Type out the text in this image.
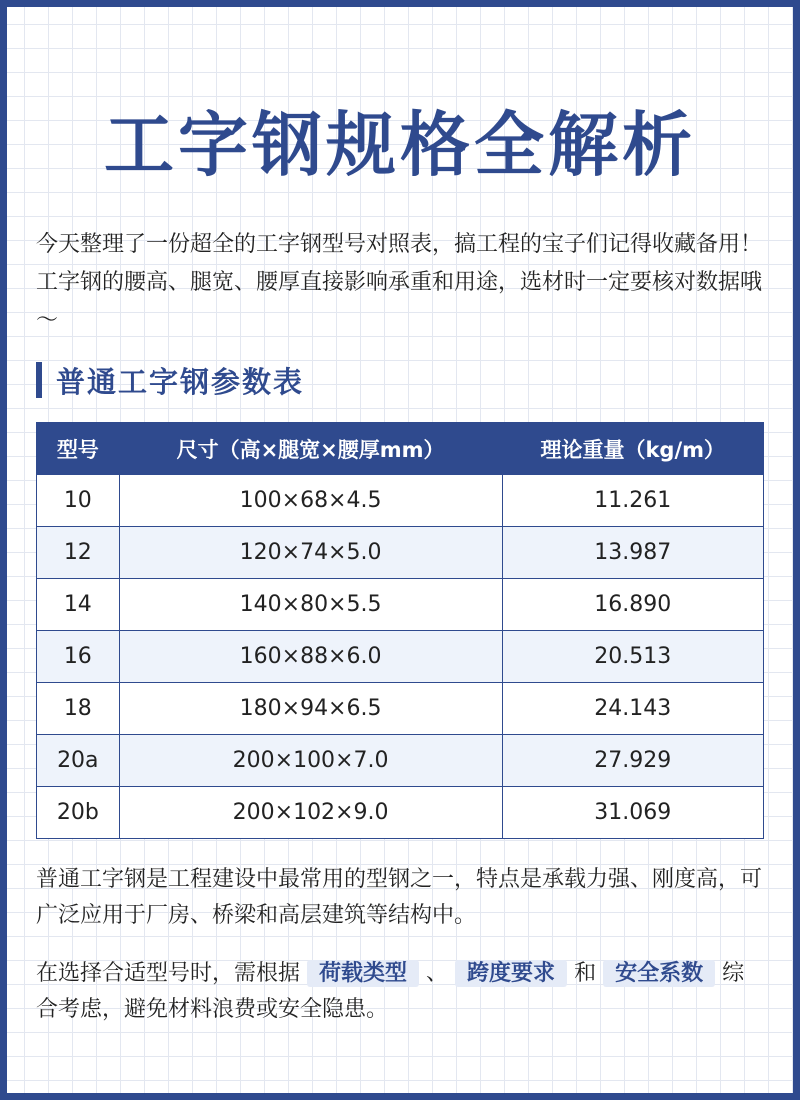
工字钢规格全解析
今天整理了一份超全的工字钢型号对照表，搞工程的宝子们记得收藏备用！工字钢的腰高、腿宽、腰厚直接影响承重和用途，选材时一定要核对数据哦～
普通工字钢参数表
型号	尺寸（高×腿宽×腰厚mm）	理论重量（kg/m）
10	100×68×4.5	11.261
12	120×74×5.0	13.987
14	140×80×5.5	16.890
16	160×88×6.0	20.513
18	180×94×6.5	24.143
20a	200×100×7.0	27.929
20b	200×102×9.0	31.069
普通工字钢是工程建设中最常用的型钢之一，特点是承载力强、刚度高，可广泛应用于厂房、桥梁和高层建筑等结构中。
在选择合适型号时，需根据 荷载类型 、 跨度要求 和 安全系数 综合考虑，避免材料浪费或安全隐患。
